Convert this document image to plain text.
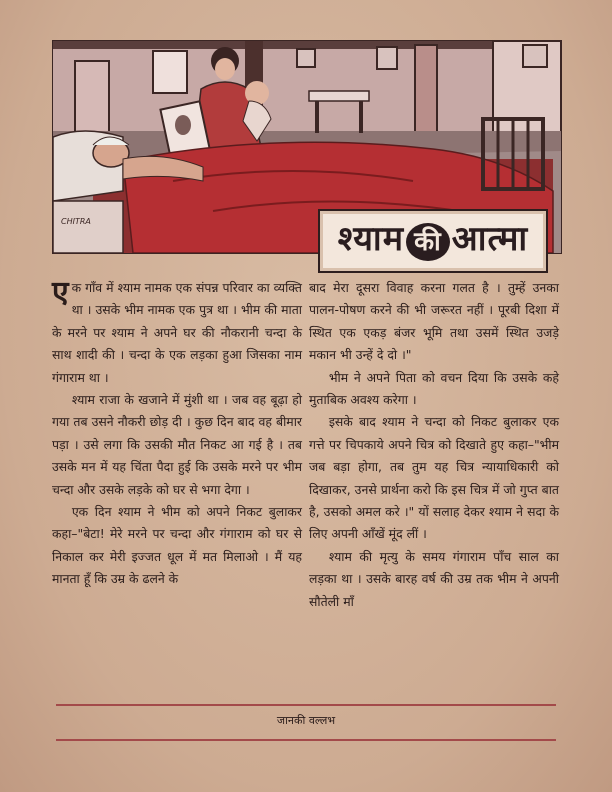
CHITRA	श्याम की आत्मा

एक गाँव में श्याम नामक एक संपन्न परिवार का व्यक्ति था । उसके भीम नामक एक पुत्र था । भीम की माता के मरने पर श्याम ने अपने घर की नौकरानी चन्दा के साथ शादी की । चन्दा के एक लड़का हुआ जिसका नाम गंगाराम था ।

श्याम राजा के खजाने में मुंशी था । जब वह बूढ़ा हो गया तब उसने नौकरी छोड़ दी । कुछ दिन बाद वह बीमार पड़ा । उसे लगा कि उसकी मौत निकट आ गई है । तब उसके मन में यह चिंता पैदा हुई कि उसके मरने पर भीम चन्दा और उसके लड़के को घर से भगा देगा ।

एक दिन श्याम ने भीम को अपने निकट बुलाकर कहा–"बेटा! मेरे मरने पर चन्दा और गंगाराम को घर से निकाल कर मेरी इज्जत धूल में मत मिलाओ । मैं यह मानता हूँ कि उम्र के ढलने के

बाद मेरा दूसरा विवाह करना गलत है । तुम्हें उनका पालन-पोषण करने की भी जरूरत नहीं । पूरबी दिशा में स्थित एक एकड़ बंजर भूमि तथा उसमें स्थित उजड़े मकान भी उन्हें दे दो ।"

भीम ने अपने पिता को वचन दिया कि उसके कहे मुताबिक अवश्य करेगा ।

इसके बाद श्याम ने चन्दा को निकट बुलाकर एक गत्ते पर चिपकाये अपने चित्र को दिखाते हुए कहा–"भीम जब बड़ा होगा, तब तुम यह चित्र न्यायाधिकारी को दिखाकर, उनसे प्रार्थना करो कि इस चित्र में जो गुप्त बात है, उसको अमल करे ।" यों सलाह देकर श्याम ने सदा के लिए अपनी आँखें मूंद लीं ।

श्याम की मृत्यु के समय गंगाराम पाँच साल का लड़का था । उसके बारह वर्ष की उम्र तक भीम ने अपनी सौतेली माँ

जानकी वल्लभ
